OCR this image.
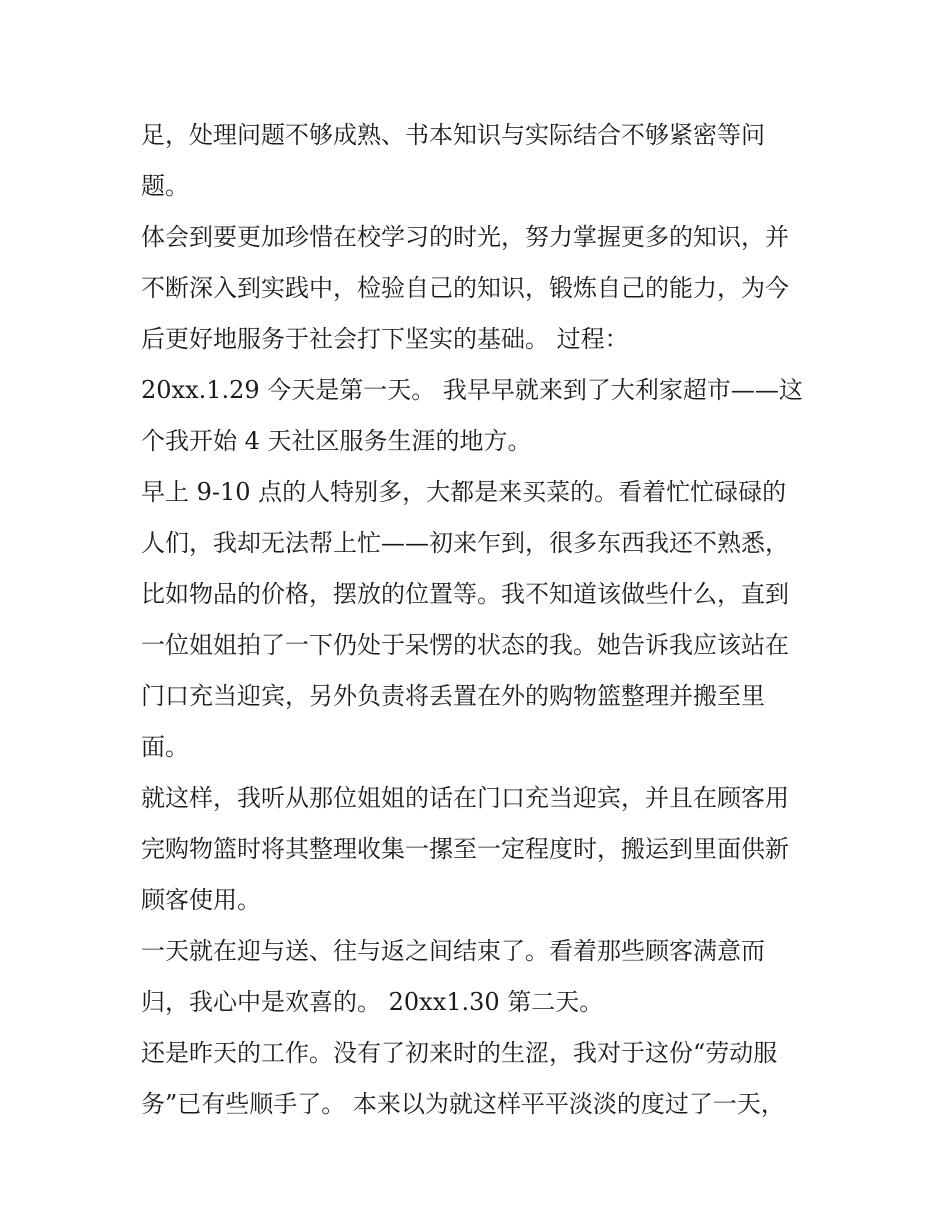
足，处理问题不够成熟、书本知识与实际结合不够紧密等问
题。
体会到要更加珍惜在校学习的时光，努力掌握更多的知识，并
不断深入到实践中，检验自己的知识，锻炼自己的能力，为今
后更好地服务于社会打下坚实的基础。 过程：
20xx.1.29 今天是第一天。 我早早就来到了大利家超市——这
个我开始 4 天社区服务生涯的地方。
早上 9-10 点的人特别多，大都是来买菜的。看着忙忙碌碌的
人们，我却无法帮上忙——初来乍到，很多东西我还不熟悉，
比如物品的价格，摆放的位置等。我不知道该做些什么，直到
一位姐姐拍了一下仍处于呆愣的状态的我。她告诉我应该站在
门口充当迎宾，另外负责将丢置在外的购物篮整理并搬至里
面。
就这样，我听从那位姐姐的话在门口充当迎宾，并且在顾客用
完购物篮时将其整理收集一摞至一定程度时，搬运到里面供新
顾客使用。
一天就在迎与送、往与返之间结束了。看着那些顾客满意而
归，我心中是欢喜的。 20xx1.30 第二天。
还是昨天的工作。没有了初来时的生涩，我对于这份“劳动服
务”已有些顺手了。 本来以为就这样平平淡淡的度过了一天，
